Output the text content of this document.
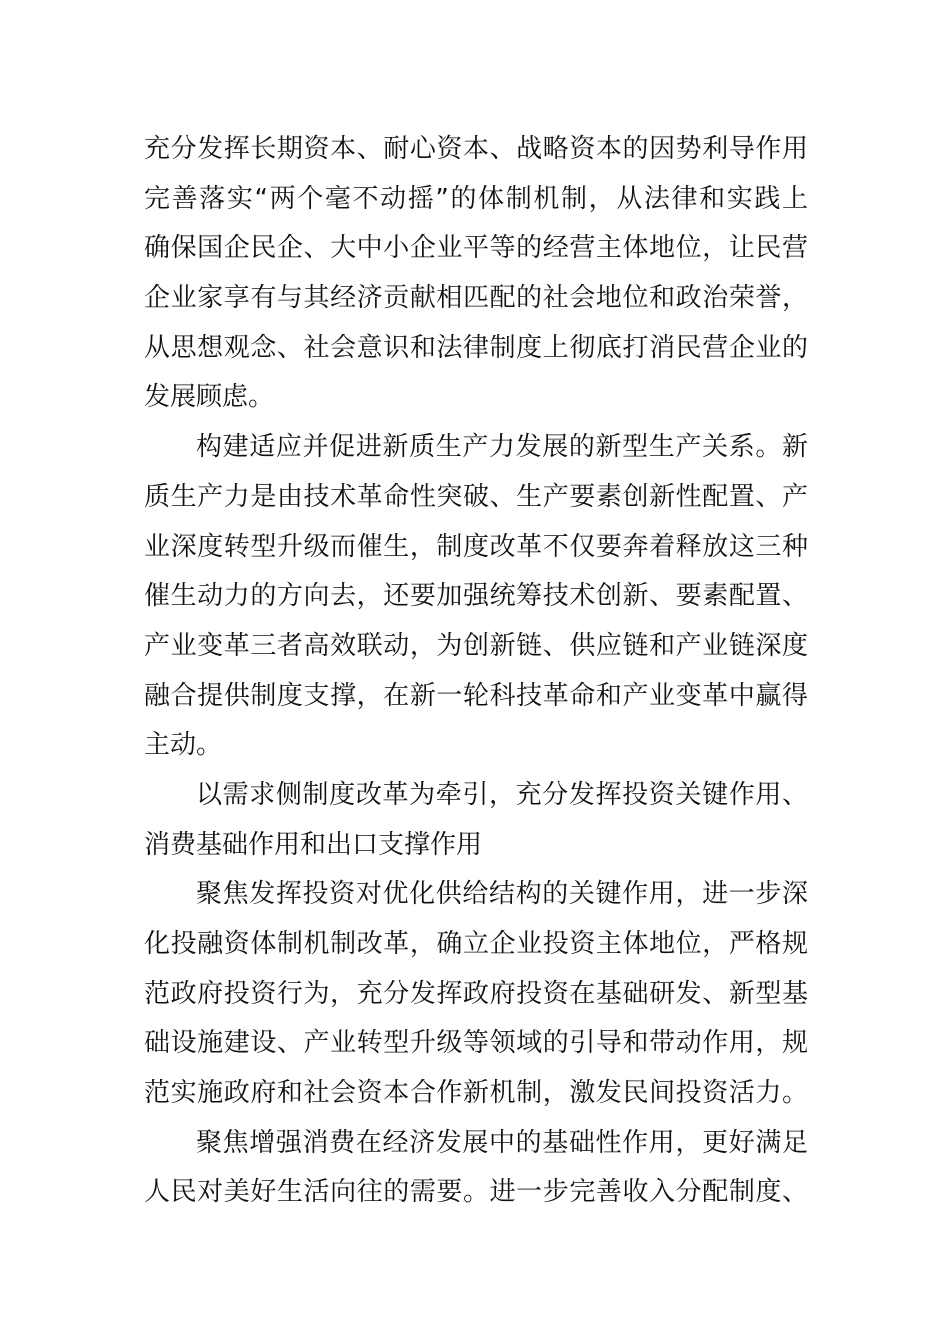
充分发挥长期资本、耐心资本、战略资本的因势利导作用
完善落实“两个毫不动摇”的体制机制，从法律和实践上
确保国企民企、大中小企业平等的经营主体地位，让民营
企业家享有与其经济贡献相匹配的社会地位和政治荣誉，
从思想观念、社会意识和法律制度上彻底打消民营企业的
发展顾虑。
构建适应并促进新质生产力发展的新型生产关系。新
质生产力是由技术革命性突破、生产要素创新性配置、产
业深度转型升级而催生，制度改革不仅要奔着释放这三种
催生动力的方向去，还要加强统筹技术创新、要素配置、
产业变革三者高效联动，为创新链、供应链和产业链深度
融合提供制度支撑，在新一轮科技革命和产业变革中赢得
主动。
以需求侧制度改革为牵引，充分发挥投资关键作用、
消费基础作用和出口支撑作用
聚焦发挥投资对优化供给结构的关键作用，进一步深
化投融资体制机制改革，确立企业投资主体地位，严格规
范政府投资行为，充分发挥政府投资在基础研发、新型基
础设施建设、产业转型升级等领域的引导和带动作用，规
范实施政府和社会资本合作新机制，激发民间投资活力。
聚焦增强消费在经济发展中的基础性作用，更好满足
人民对美好生活向往的需要。进一步完善收入分配制度、
